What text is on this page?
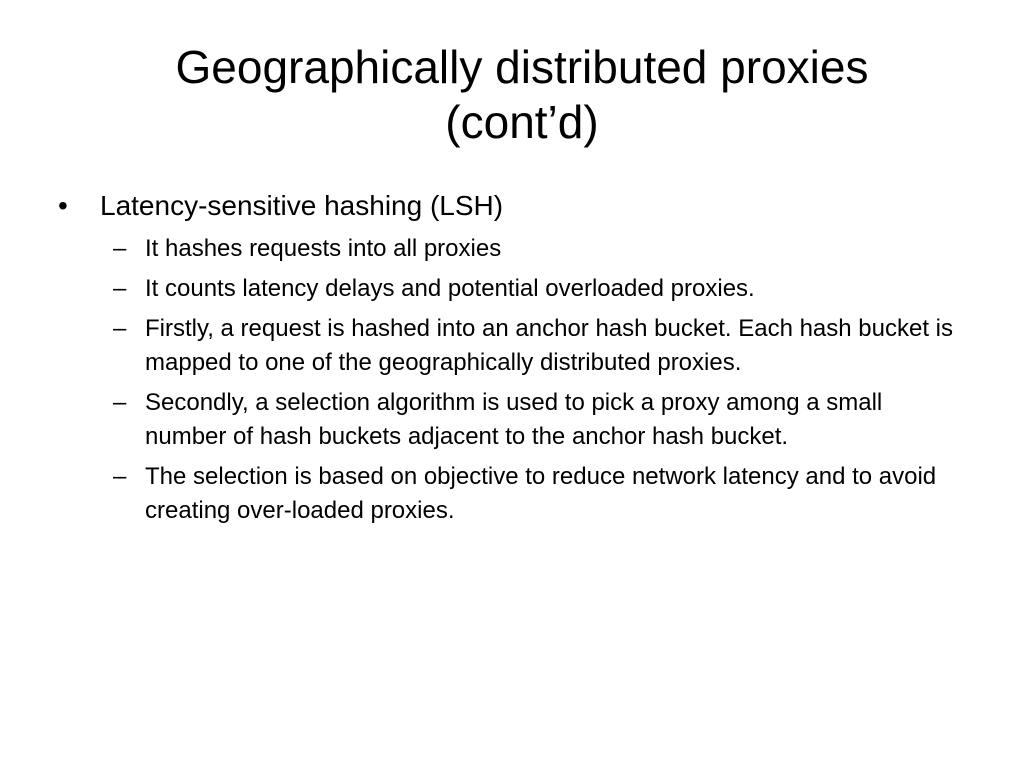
Geographically distributed proxies
(cont’d)
•	Latency-sensitive hashing (LSH)
– It hashes requests into all proxies
– It counts latency delays and potential overloaded proxies.
– Firstly, a request is hashed into an anchor hash bucket. Each hash bucket is mapped to one of the geographically distributed proxies.
– Secondly, a selection algorithm is used to pick a proxy among a small number of hash buckets adjacent to the anchor hash bucket.
– The selection is based on objective to reduce network latency and to avoid creating over-loaded proxies.
